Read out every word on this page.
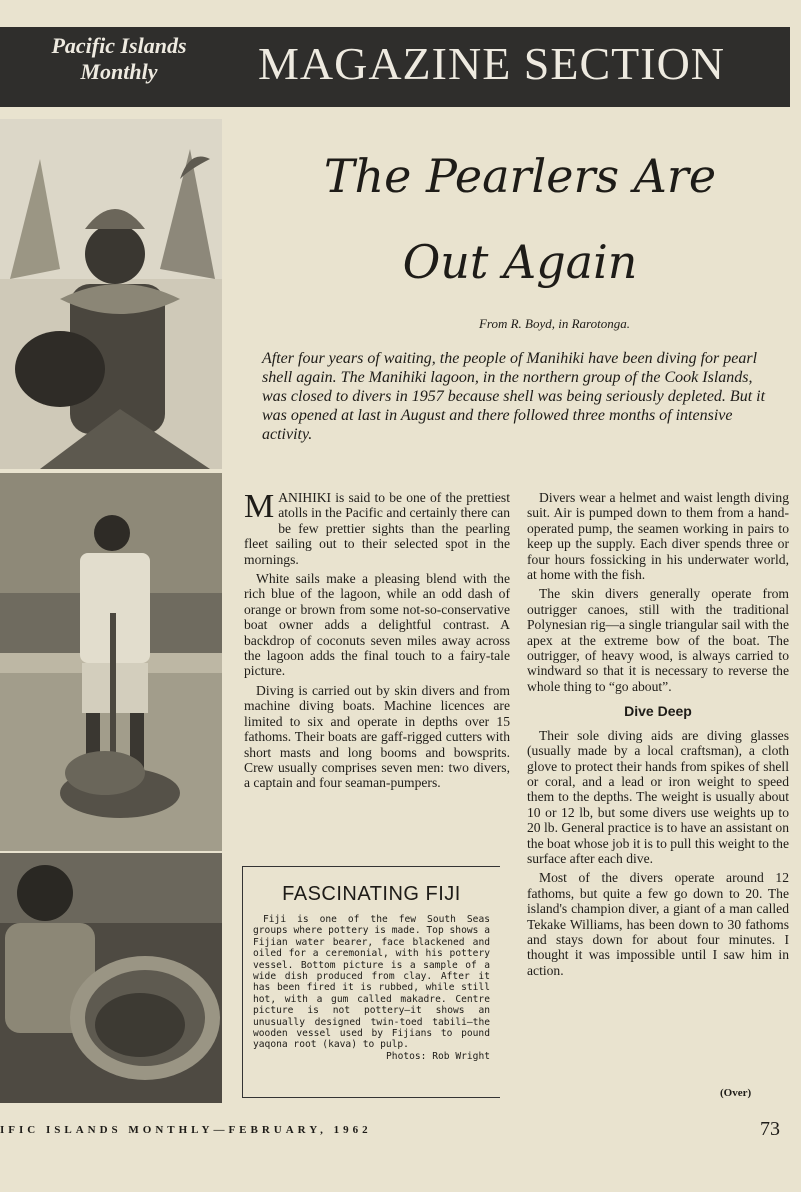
Pacific Islands
Monthly	MAGAZINE SECTION
The Pearlers Are
Out Again
From R. Boyd, in Rarotonga.
After four years of waiting, the people of Manihiki have been diving for pearl shell again. The Manihiki lagoon, in the northern group of the Cook Islands, was closed to divers in 1957 because shell was being seriously depleted. But it was opened at last in August and there followed three months of intensive activity.

MANIHIKI is said to be one of the prettiest atolls in the Pacific and certainly there can be few prettier sights than the pearling fleet sailing out to their selected spot in the mornings.

White sails make a pleasing blend with the rich blue of the lagoon, while an odd dash of orange or brown from some not-so-conservative boat owner adds a delightful contrast. A backdrop of coconuts seven miles away across the lagoon adds the final touch to a fairy-tale picture.

Diving is carried out by skin divers and from machine diving boats. Machine licences are limited to six and operate in depths over 15 fathoms. Their boats are gaff-rigged cutters with short masts and long booms and bowsprits. Crew usually comprises seven men: two divers, a captain and four seaman-pumpers.

FASCINATING FIJI
Fiji is one of the few South Seas groups where pottery is made. Top shows a Fijian water bearer, face blackened and oiled for a ceremonial, with his pottery vessel. Bottom picture is a sample of a wide dish produced from clay. After it has been fired it is rubbed, while still hot, with a gum called makadre. Centre picture is not pottery—it shows an unusually designed twin-toed tabili—the wooden vessel used by Fijians to pound yaqona root (kava) to pulp.
Photos: Rob Wright

Divers wear a helmet and waist length diving suit. Air is pumped down to them from a hand-operated pump, the seamen working in pairs to keep up the supply. Each diver spends three or four hours fossicking in his underwater world, at home with the fish.

The skin divers generally operate from outrigger canoes, still with the traditional Polynesian rig—a single triangular sail with the apex at the extreme bow of the boat. The outrigger, of heavy wood, is always carried to windward so that it is necessary to reverse the whole thing to “go about”.

Dive Deep

Their sole diving aids are diving glasses (usually made by a local craftsman), a cloth glove to protect their hands from spikes of shell or coral, and a lead or iron weight to speed them to the depths. The weight is usually about 10 or 12 lb, but some divers use weights up to 20 lb. General practice is to have an assistant on the boat whose job it is to pull this weight to the surface after each dive.

Most of the divers operate around 12 fathoms, but quite a few go down to 20. The island's champion diver, a giant of a man called Tekake Williams, has been down to 30 fathoms and stays down for about four minutes. I thought it was impossible until I saw him in action.

(Over)
IFIC ISLANDS MONTHLY—FEBRUARY, 1962	73
